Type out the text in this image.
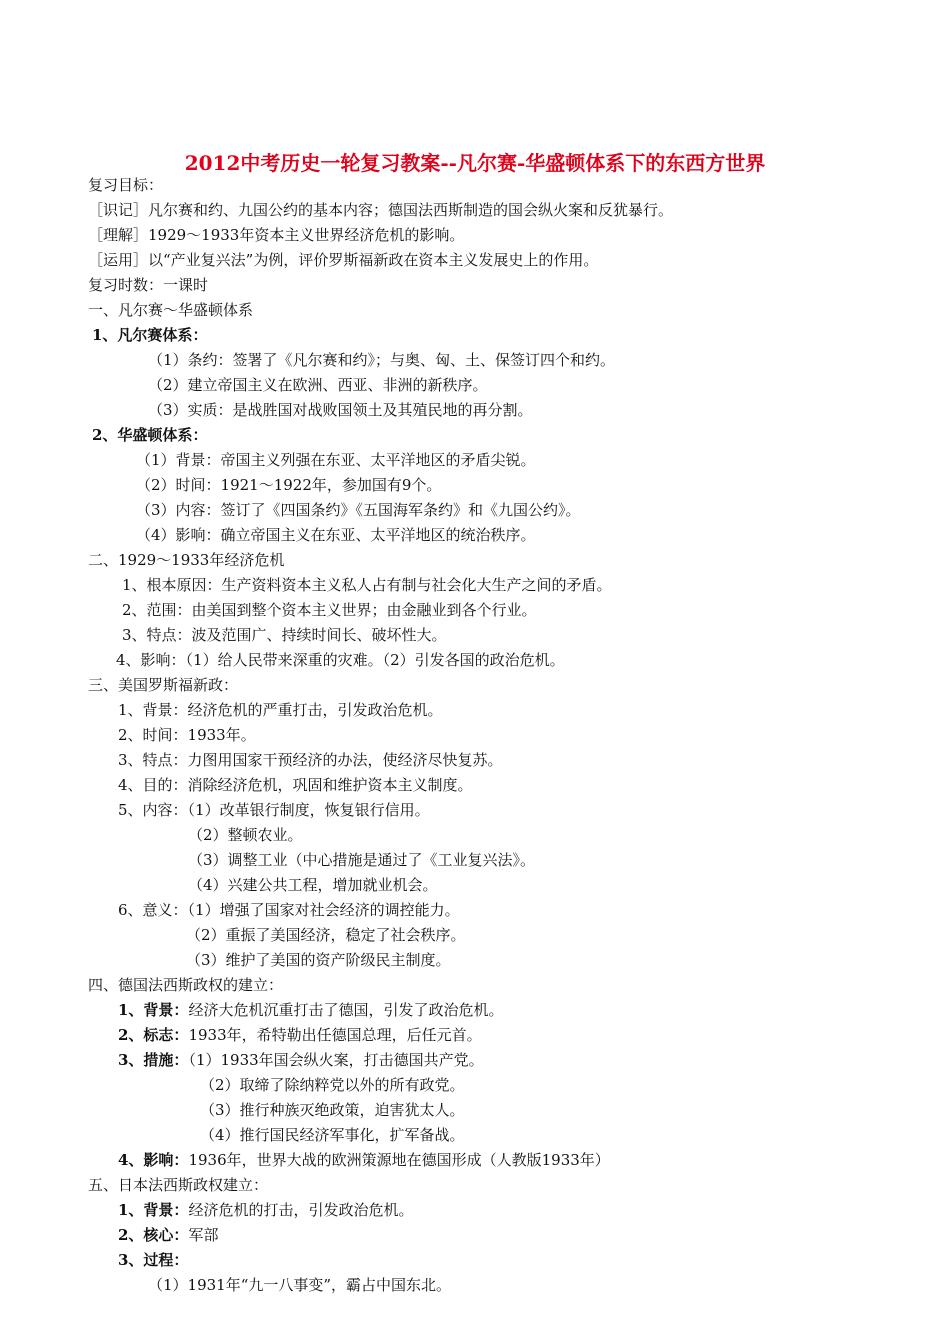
2012中考历史一轮复习教案--凡尔赛-华盛顿体系下的东西方世界
复习目标：
［识记］凡尔赛和约、九国公约的基本内容；德国法西斯制造的国会纵火案和反犹暴行。
［理解］1929～1933年资本主义世界经济危机的影响。
［运用］以“产业复兴法”为例，评价罗斯福新政在资本主义发展史上的作用。
复习时数：一课时
一、凡尔赛～华盛顿体系
1、凡尔赛体系：
（1）条约：签署了《凡尔赛和约》；与奥、匈、土、保签订四个和约。
（2）建立帝国主义在欧洲、西亚、非洲的新秩序。
（3）实质：是战胜国对战败国领土及其殖民地的再分割。
2、华盛顿体系：
（1）背景：帝国主义列强在东亚、太平洋地区的矛盾尖锐。
（2）时间：1921～1922年，参加国有9个。
（3）内容：签订了《四国条约》《五国海军条约》和《九国公约》。
（4）影响：确立帝国主义在东亚、太平洋地区的统治秩序。
二、1929～1933年经济危机
1、根本原因：生产资料资本主义私人占有制与社会化大生产之间的矛盾。
2、范围：由美国到整个资本主义世界；由金融业到各个行业。
3、特点：波及范围广、持续时间长、破坏性大。
4、影响：（1）给人民带来深重的灾难。（2）引发各国的政治危机。
三、美国罗斯福新政：
1、背景：经济危机的严重打击，引发政治危机。
2、时间：1933年。
3、特点：力图用国家干预经济的办法，使经济尽快复苏。
4、目的：消除经济危机，巩固和维护资本主义制度。
5、内容：（1）改革银行制度，恢复银行信用。
（2）整顿农业。
（3）调整工业（中心措施是通过了《工业复兴法》。
（4）兴建公共工程，增加就业机会。
6、意义：（1）增强了国家对社会经济的调控能力。
（2）重振了美国经济，稳定了社会秩序。
（3）维护了美国的资产阶级民主制度。
四、德国法西斯政权的建立：
1、背景：经济大危机沉重打击了德国，引发了政治危机。
2、标志：1933年，希特勒出任德国总理，后任元首。
3、措施：（1）1933年国会纵火案，打击德国共产党。
（2）取缔了除纳粹党以外的所有政党。
（3）推行种族灭绝政策，迫害犹太人。
（4）推行国民经济军事化，扩军备战。
4、影响：1936年，世界大战的欧洲策源地在德国形成（人教版1933年）
五、日本法西斯政权建立：
1、背景：经济危机的打击，引发政治危机。
2、核心：军部
3、过程：
（1）1931年“九一八事变”，霸占中国东北。
